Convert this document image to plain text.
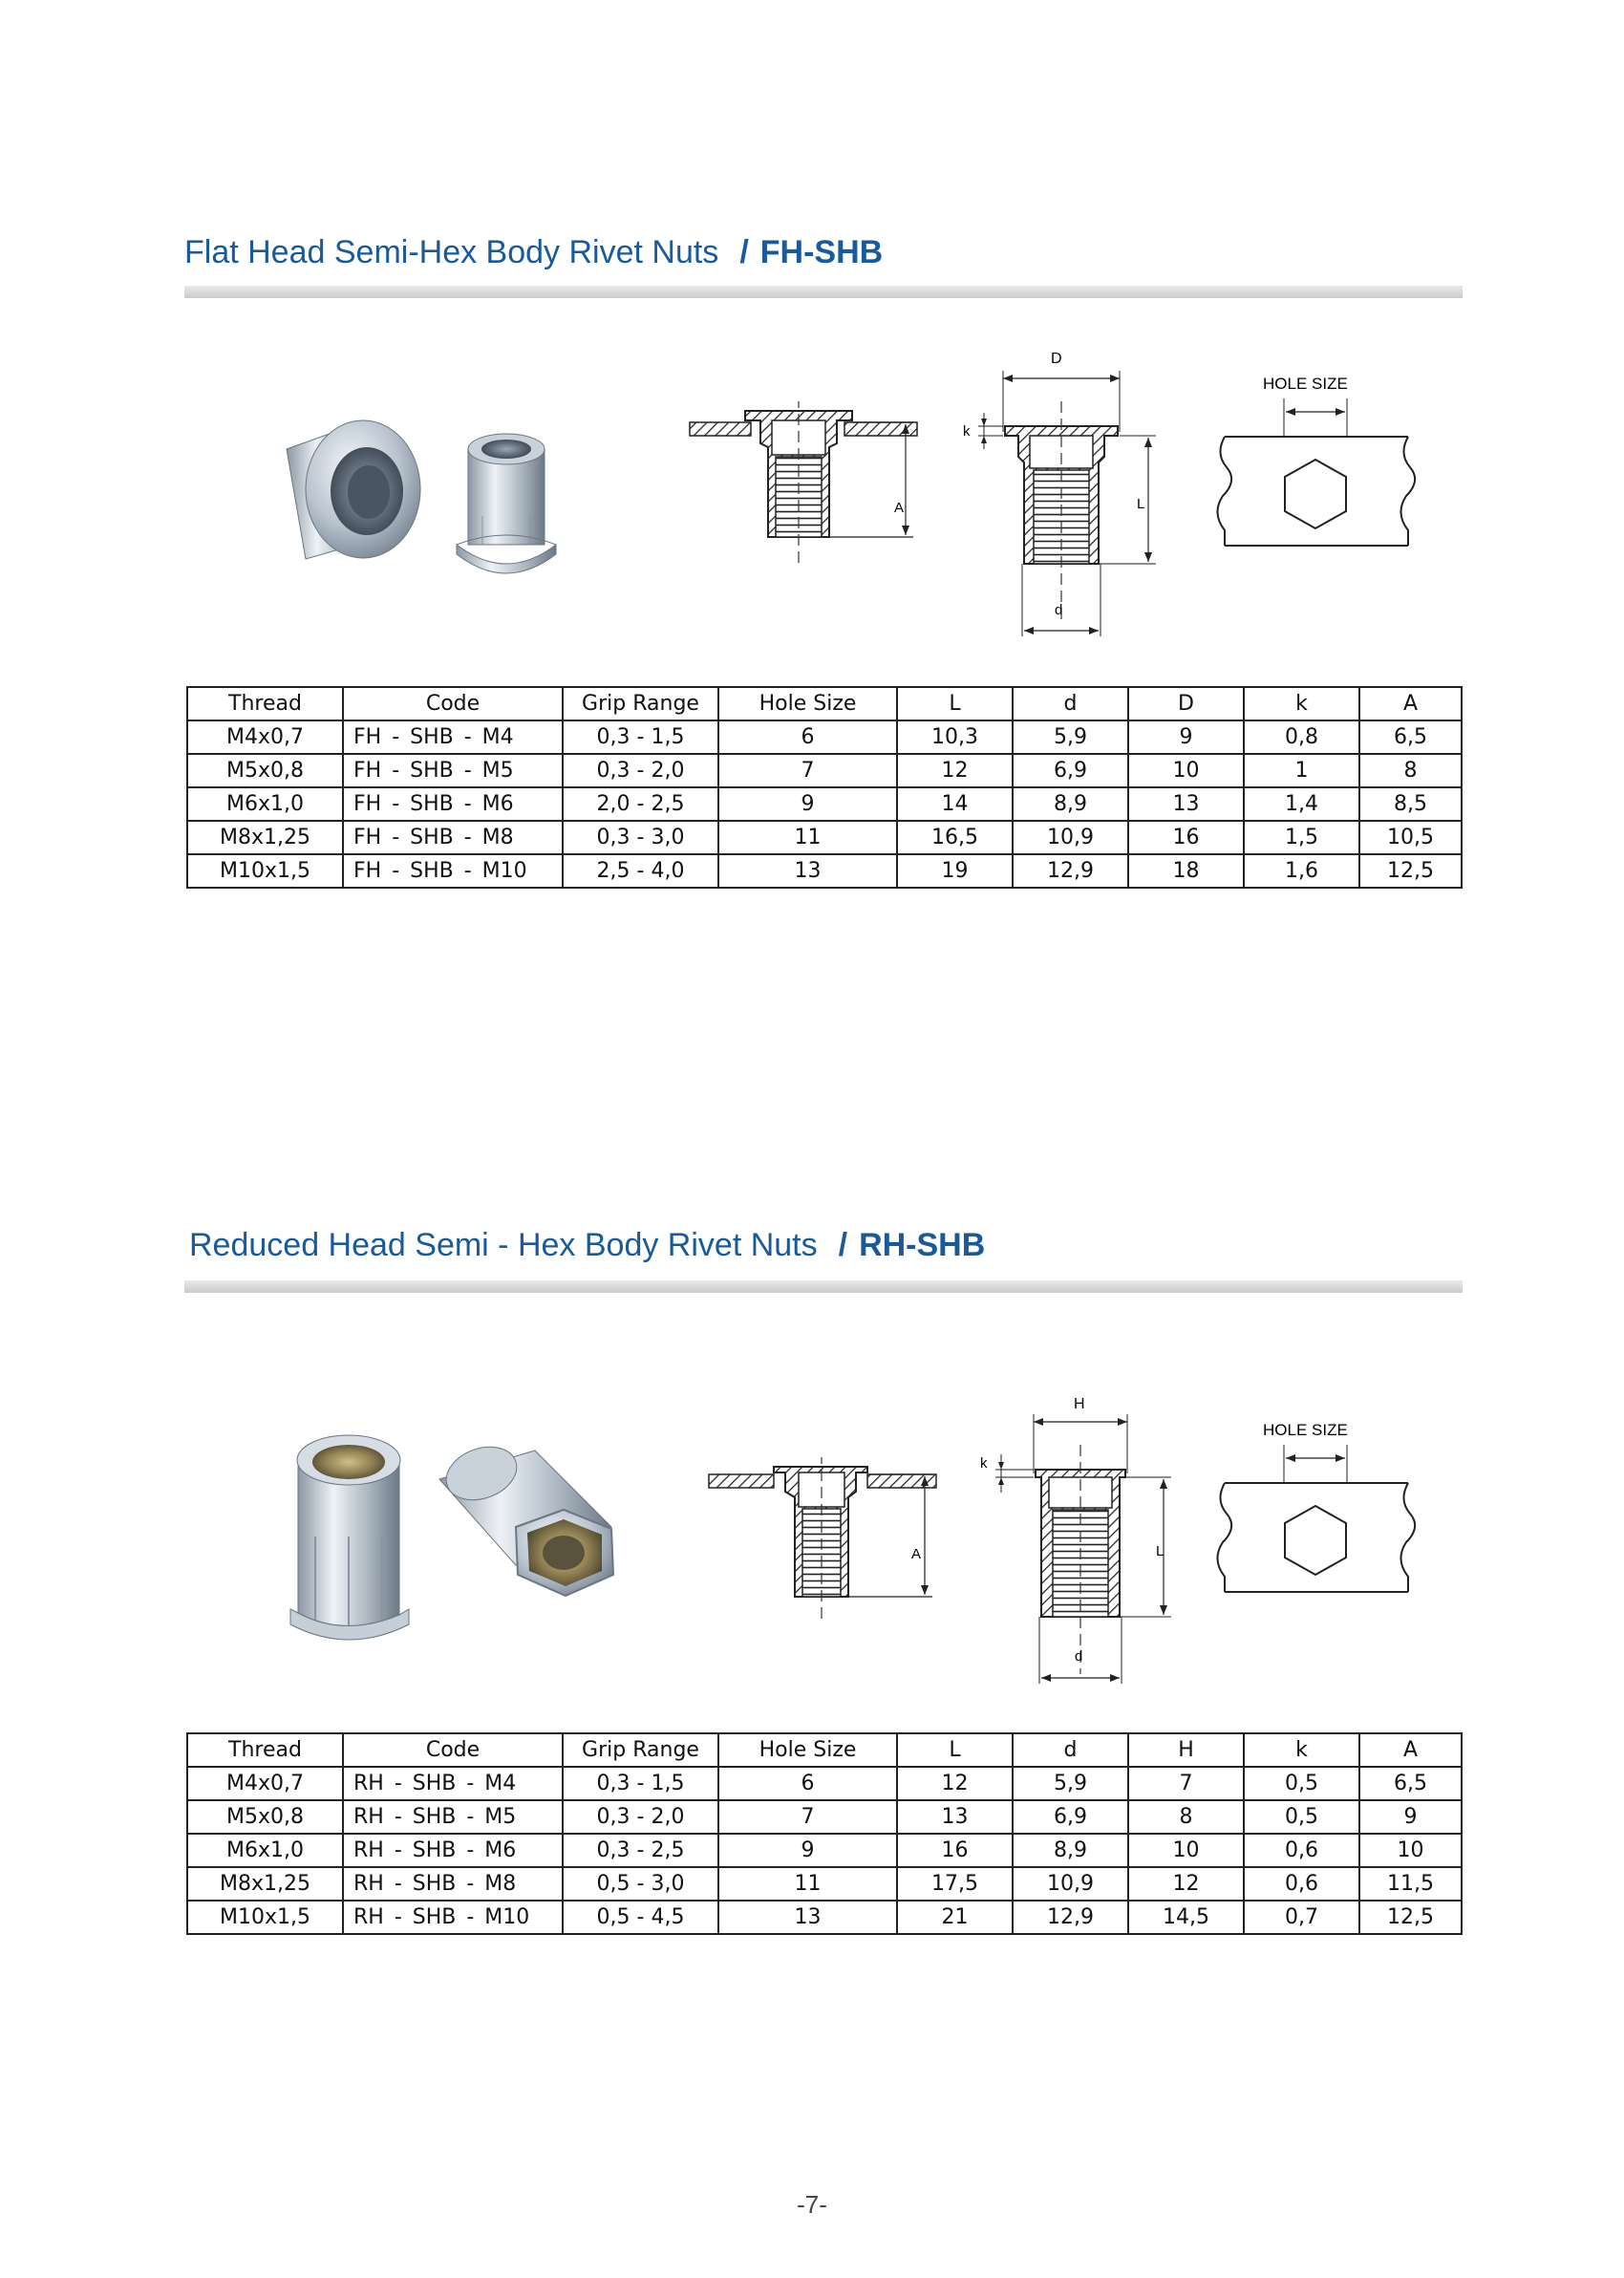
Flat Head Semi-Hex Body Rivet Nuts / FH-SHB
A
D
k
L
d
HOLE SIZE
Thread	Code	Grip Range	Hole Size	L	d	D	k	A
M4x0,7	FH - SHB - M4	0,3 - 1,5	6	10,3	5,9	9	0,8	6,5
M5x0,8	FH - SHB - M5	0,3 - 2,0	7	12	6,9	10	1	8
M6x1,0	FH - SHB - M6	2,0 - 2,5	9	14	8,9	13	1,4	8,5
M8x1,25	FH - SHB - M8	0,3 - 3,0	11	16,5	10,9	16	1,5	10,5
M10x1,5	FH - SHB - M10	2,5 - 4,0	13	19	12,9	18	1,6	12,5
Reduced Head Semi - Hex Body Rivet Nuts / RH-SHB
A
H
k
L
d
HOLE SIZE
Thread	Code	Grip Range	Hole Size	L	d	H	k	A
M4x0,7	RH - SHB - M4	0,3 - 1,5	6	12	5,9	7	0,5	6,5
M5x0,8	RH - SHB - M5	0,3 - 2,0	7	13	6,9	8	0,5	9
M6x1,0	RH - SHB - M6	0,3 - 2,5	9	16	8,9	10	0,6	10
M8x1,25	RH - SHB - M8	0,5 - 3,0	11	17,5	10,9	12	0,6	11,5
M10x1,5	RH - SHB - M10	0,5 - 4,5	13	21	12,9	14,5	0,7	12,5
-7-
